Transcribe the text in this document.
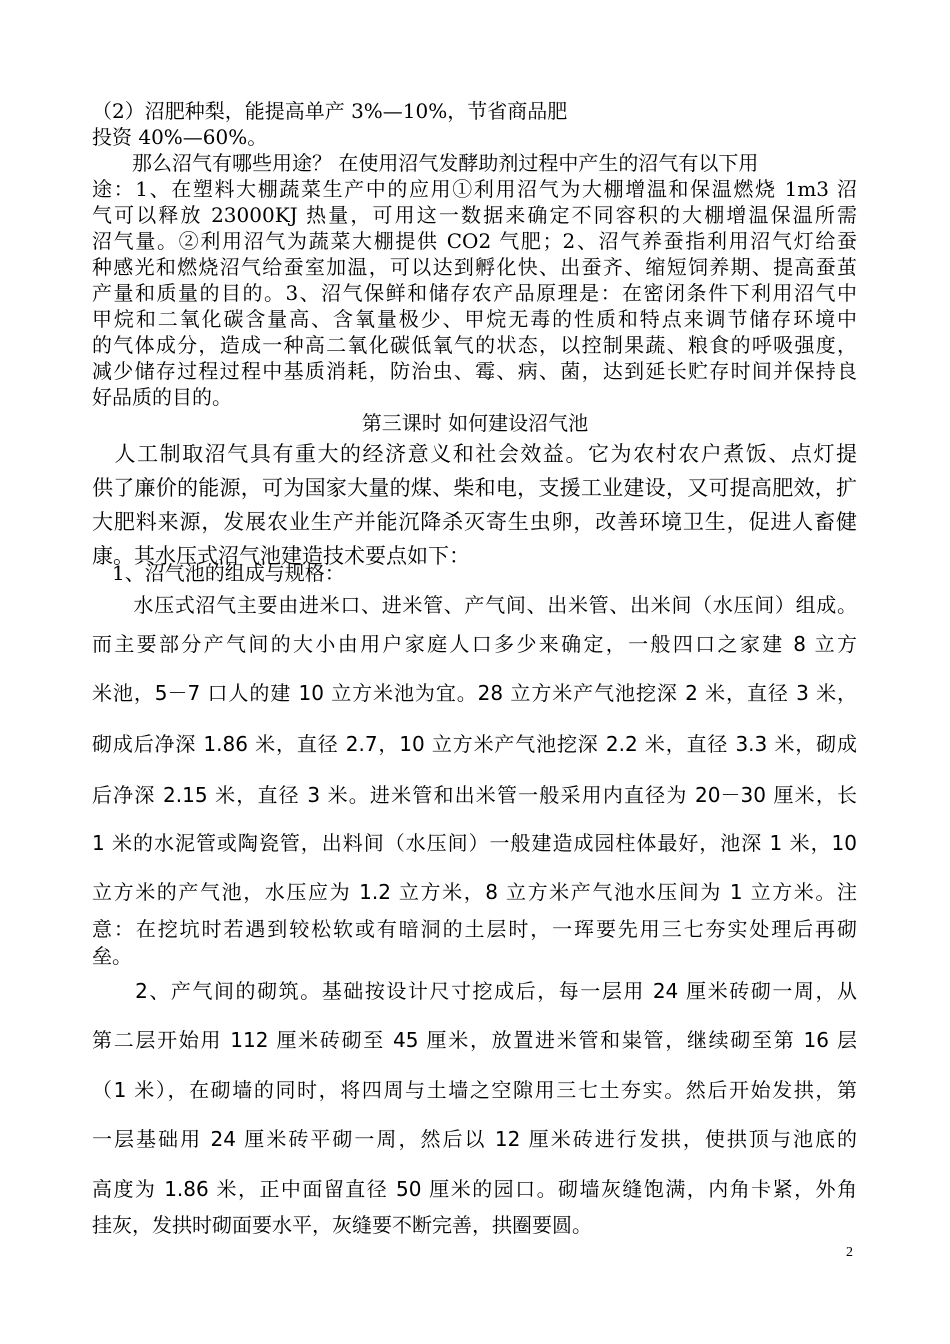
（2）沼肥种梨，能提高单产 3%—10%，节省商品肥
投资 40%—60%。
　　那么沼气有哪些用途？ 在使用沼气发酵助剂过程中产生的沼气有以下用
途：1、在塑料大棚蔬菜生产中的应用①利用沼气为大棚增温和保温燃烧 1m3 沼
气可以释放 23000KJ 热量，可用这一数据来确定不同容积的大棚增温保温所需
沼气量。②利用沼气为蔬菜大棚提供 CO2 气肥；2、沼气养蚕指利用沼气灯给蚕
种感光和燃烧沼气给蚕室加温，可以达到孵化快、出蚕齐、缩短饲养期、提高蚕茧
产量和质量的目的。3、沼气保鲜和储存农产品原理是：在密闭条件下利用沼气中
甲烷和二氧化碳含量高、含氧量极少、甲烷无毒的性质和特点来调节储存环境中
的气体成分，造成一种高二氧化碳低氧气的状态，以控制果蔬、粮食的呼吸强度，
减少储存过程过程中基质消耗，防治虫、霉、病、菌，达到延长贮存时间并保持良
好品质的目的。
第三课时 如何建设沼气池
　人工制取沼气具有重大的经济意义和社会效益。它为农村农户煮饭、点灯提
供了廉价的能源，可为国家大量的煤、柴和电，支援工业建设，又可提高肥效，扩
大肥料来源，发展农业生产并能沉降杀灭寄生虫卵，改善环境卫生，促进人畜健
康。其水压式沼气池建造技术要点如下：
　1、沼气池的组成与规格：
　　水压式沼气主要由进米口、进米管、产气间、出米管、出米间（水压间）组成。
而主要部分产气间的大小由用户家庭人口多少来确定，一般四口之家建 8 立方
米池，5－7 口人的建 10 立方米池为宜。28 立方米产气池挖深 2 米，直径 3 米，
砌成后净深 1.86 米，直径 2.7，10 立方米产气池挖深 2.2 米，直径 3.3 米，砌成
后净深 2.15 米，直径 3 米。进米管和出米管一般采用内直径为 20－30 厘米，长
1 米的水泥管或陶瓷管，出料间（水压间）一般建造成园柱体最好，池深 1 米，10
立方米的产气池，水压应为 1.2 立方米，8 立方米产气池水压间为 1 立方米。注
意：在挖坑时若遇到较松软或有暗洞的土层时，一珲要先用三七夯实处理后再砌
垒。
　　2、产气间的砌筑。基础按设计尺寸挖成后，每一层用 24 厘米砖砌一周，从
第二层开始用 112 厘米砖砌至 45 厘米，放置进米管和粜管，继续砌至第 16 层
（1 米），在砌墙的同时，将四周与土墙之空隙用三七土夯实。然后开始发拱，第
一层基础用 24 厘米砖平砌一周，然后以 12 厘米砖进行发拱，使拱顶与池底的
高度为 1.86 米，正中面留直径 50 厘米的园口。砌墙灰缝饱满，内角卡紧，外角
挂灰，发拱时砌面要水平，灰缝要不断完善，拱圈要圆。
2
